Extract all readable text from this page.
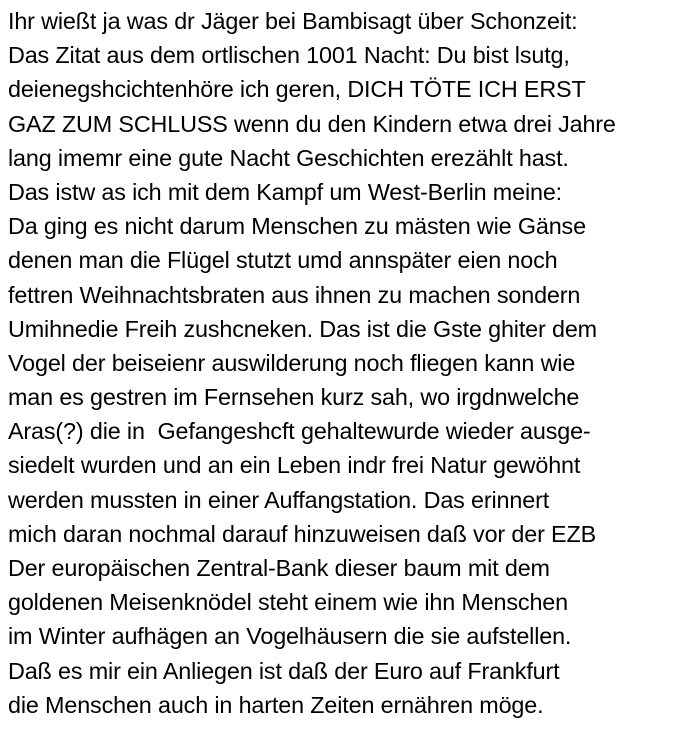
Ihr wießt ja was dr Jäger bei Bambisagt über Schonzeit:
Das Zitat aus dem ortlischen 1001 Nacht: Du bist lsutg,
deienegshcichtenhöre ich geren, DICH TÖTE ICH ERST
GAZ ZUM SCHLUSS wenn du den Kindern etwa drei Jahre
lang imemr eine gute Nacht Geschichten erezählt hast.
Das istw as ich mit dem Kampf um West-Berlin meine:
Da ging es nicht darum Menschen zu mästen wie Gänse
denen man die Flügel stutzt umd annspäter eien noch
fettren Weihnachtsbraten aus ihnen zu machen sondern
Umihnedie Freih zushcneken. Das ist die Gste ghiter dem
Vogel der beiseienr auswilderung noch fliegen kann wie
man es gestren im Fernsehen kurz sah, wo irgdnwelche
Aras(?) die in  Gefangeshcft gehaltewurde wieder ausge-
siedelt wurden und an ein Leben indr frei Natur gewöhnt
werden mussten in einer Auffangstation. Das erinnert
mich daran nochmal darauf hinzuweisen daß vor der EZB
Der europäischen Zentral-Bank dieser baum mit dem
goldenen Meisenknödel steht einem wie ihn Menschen
im Winter aufhägen an Vogelhäusern die sie aufstellen.
Daß es mir ein Anliegen ist daß der Euro auf Frankfurt
die Menschen auch in harten Zeiten ernähren möge.
